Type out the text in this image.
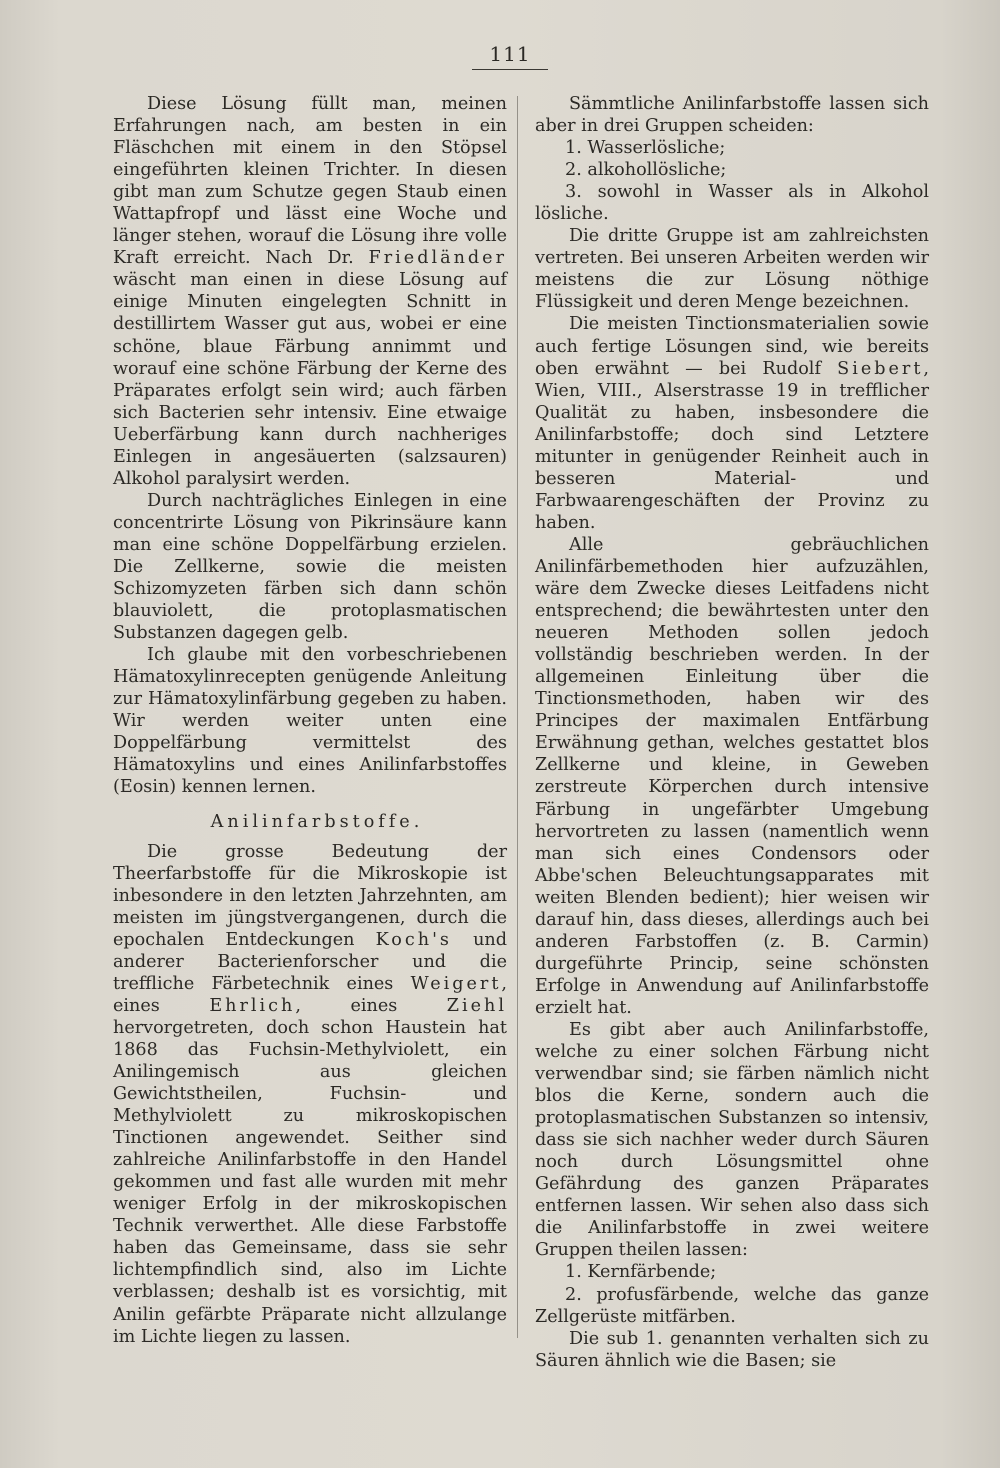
111

Diese Lösung füllt man, meinen Erfahrungen nach, am besten in ein Fläschchen mit einem in den Stöpsel eingeführten kleinen Trichter. In diesen gibt man zum Schutze gegen Staub einen Wattapfropf und lässt eine Woche und länger stehen, worauf die Lösung ihre volle Kraft erreicht. Nach Dr. Friedländer wäscht man einen in diese Lösung auf einige Minuten eingelegten Schnitt in destillirtem Wasser gut aus, wobei er eine schöne, blaue Färbung annimmt und worauf eine schöne Färbung der Kerne des Präparates erfolgt sein wird; auch färben sich Bacterien sehr intensiv. Eine etwaige Ueberfärbung kann durch nachheriges Einlegen in angesäuerten (salzsauren) Alkohol paralysirt werden.

Durch nachträgliches Einlegen in eine concentrirte Lösung von Pikrinsäure kann man eine schöne Doppelfärbung erzielen. Die Zellkerne, sowie die meisten Schizomyzeten färben sich dann schön blauviolett, die protoplasmatischen Substanzen dagegen gelb.

Ich glaube mit den vorbeschriebenen Hämatoxylinrecepten genügende Anleitung zur Hämatoxylinfärbung gegeben zu haben. Wir werden weiter unten eine Doppelfärbung vermittelst des Hämatoxylins und eines Anilinfarbstoffes (Eosin) kennen lernen.

Anilinfarbstoffe.

Die grosse Bedeutung der Theerfarbstoffe für die Mikroskopie ist inbesondere in den letzten Jahrzehnten, am meisten im jüngstvergangenen, durch die epochalen Entdeckungen Koch's und anderer Bacterienforscher und die treffliche Färbetechnik eines Weigert, eines	Ehrlich, eines	Ziehl hervorgetreten, doch schon Haustein hat 1868 das Fuchsin-Methylviolett, ein Anilingemisch aus gleichen Gewichtstheilen, Fuchsin- und Methylviolett zu mikroskopischen Tinctionen angewendet. Seither sind zahlreiche Anilinfarbstoffe in den Handel gekommen und fast alle wurden mit mehr weniger Erfolg in der mikroskopischen Technik verwerthet. Alle diese Farbstoffe haben das Gemeinsame, dass sie sehr lichtempfindlich sind, also im Lichte verblassen; deshalb ist es vorsichtig, mit Anilin gefärbte Präparate nicht allzulange im Lichte liegen zu lassen.

Sämmtliche Anilinfarbstoffe lassen sich aber in drei Gruppen scheiden:

1. Wasserlösliche;

2. alkohollösliche;

3. sowohl in Wasser als in Alkohol lösliche.

Die dritte Gruppe ist am zahlreichsten vertreten. Bei unseren Arbeiten werden wir meistens die zur Lösung nöthige Flüssigkeit und deren Menge bezeichnen.

Die meisten Tinctionsmaterialien sowie auch fertige Lösungen sind, wie bereits oben erwähnt — bei Rudolf Siebert, Wien, VIII., Alserstrasse 19 in trefflicher Qualität zu haben, insbesondere die Anilinfarbstoffe; doch sind Letztere mitunter in genügender Reinheit auch in besseren Material- und Farbwaarengeschäften der Provinz zu haben.

Alle gebräuchlichen Anilinfärbemethoden hier aufzuzählen, wäre dem Zwecke dieses Leitfadens nicht entsprechend; die bewährtesten unter den neueren Methoden sollen jedoch vollständig beschrieben werden. In der allgemeinen Einleitung über die Tinctionsmethoden, haben wir des Principes der maximalen Entfärbung Erwähnung gethan, welches gestattet blos Zellkerne und kleine, in Geweben zerstreute Körperchen durch intensive Färbung in ungefärbter Umgebung hervortreten zu lassen (namentlich wenn man sich eines Condensors oder Abbe'schen Beleuchtungsapparates mit weiten Blenden bedient); hier weisen wir darauf hin, dass dieses, allerdings auch bei anderen Farbstoffen (z. B. Carmin) durgeführte Princip, seine schönsten Erfolge in Anwendung auf Anilinfarbstoffe erzielt hat.

Es gibt aber auch Anilinfarbstoffe, welche zu einer solchen Färbung nicht verwendbar sind; sie färben nämlich nicht blos die Kerne, sondern auch die protoplasmatischen Substanzen so intensiv, dass sie sich nachher weder durch Säuren noch durch Lösungsmittel ohne Gefährdung des ganzen Präparates entfernen lassen. Wir sehen also dass sich die Anilinfarbstoffe in zwei weitere Gruppen theilen lassen:

1. Kernfärbende;

2. profusfärbende, welche das ganze Zellgerüste mitfärben.

Die sub 1. genannten verhalten sich zu Säuren ähnlich wie die Basen; sie
